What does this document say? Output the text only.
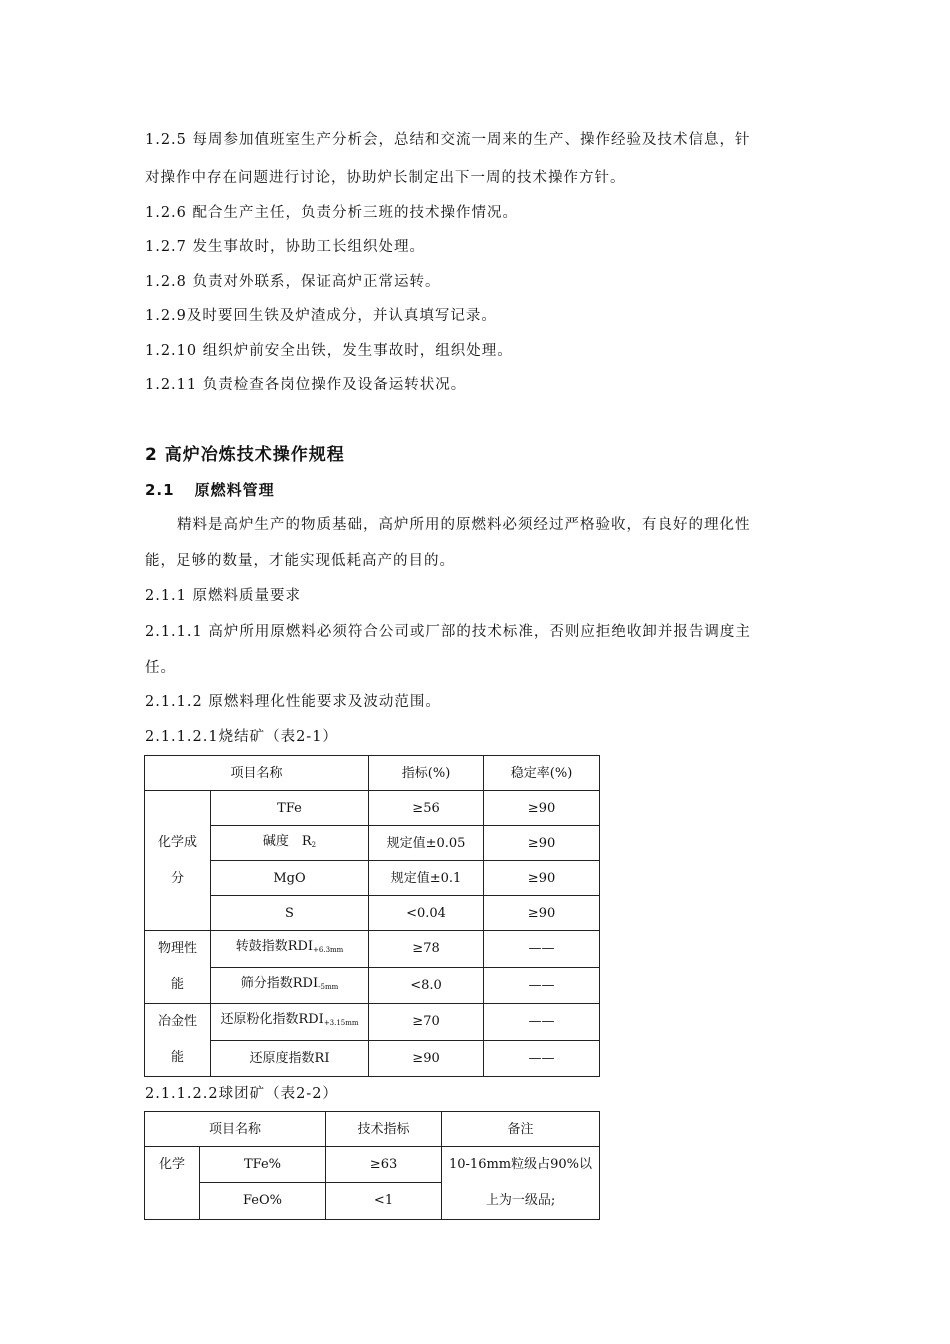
1.2.5 每周参加值班室生产分析会，总结和交流一周来的生产、操作经验及技术信息，针
对操作中存在问题进行讨论，协助炉长制定出下一周的技术操作方针。
1.2.6 配合生产主任，负责分析三班的技术操作情况。
1.2.7 发生事故时，协助工长组织处理。
1.2.8 负责对外联系，保证高炉正常运转。
1.2.9及时要回生铁及炉渣成分，并认真填写记录。
1.2.10 组织炉前安全出铁，发生事故时，组织处理。
1.2.11 负责检查各岗位操作及设备运转状况。
2 高炉冶炼技术操作规程
2.1 原燃料管理
精料是高炉生产的物质基础，高炉所用的原燃料必须经过严格验收，有良好的理化性
能，足够的数量，才能实现低耗高产的目的。
2.1.1 原燃料质量要求
2.1.1.1 高炉所用原燃料必须符合公司或厂部的技术标准，否则应拒绝收卸并报告调度主
任。
2.1.1.2 原燃料理化性能要求及波动范围。
2.1.1.2.1烧结矿（表2-1）
项目名称		指标(%)	稳定率(%)
化学成
分	TFe	≥56	≥90
	碱度　$R_2$	规定值±0.05	≥90
	MgO	规定值±0.1	≥90
	S	<0.04	≥90
物理性
能	转鼓指数$RDI_{+6.3mm}$	≥78	——
	筛分指数$RDI_{-5mm}$	<8.0	——
冶金性
能	还原粉化指数$RDI_{+3.15mm}$	≥70	——
	还原度指数RI	≥90	——
2.1.1.2.2球团矿（表2-2）
项目名称		技术指标	备注
化学	TFe%	≥63	10-16mm粒级占90%以
上为一级品;
	FeO%	<1	
